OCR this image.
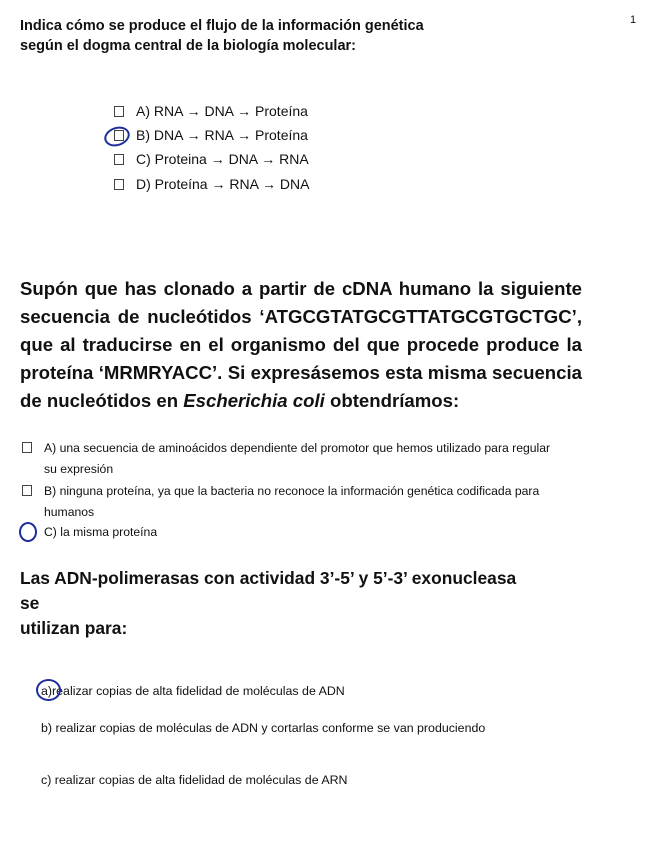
1
Indica cómo se produce el flujo de la información genética
según el dogma central de la biología molecular:
A) RNA → DNA → Proteína
B) DNA → RNA → Proteína
C) Proteina → DNA → RNA
D) Proteína → RNA → DNA
Supón que has clonado a partir de cDNA humano la siguiente secuencia de nucleótidos ‘ATGCGTATGCGTTATGCGTGCTGC’, que al traducirse en el organismo del que procede produce la proteína ‘MRMRYACC’. Si expresásemos esta misma secuencia de nucleótidos en Escherichia coli obtendríamos:
A) una secuencia de aminoácidos dependiente del promotor que hemos utilizado para regular su expresión
B) ninguna proteína, ya que la bacteria no reconoce la información genética codificada para humanos
C) la misma proteína
Las ADN-polimerasas con actividad 3’-5’ y 5’-3’ exonucleasa se
utilizan para:
a)realizar copias de alta fidelidad de moléculas de ADN
b) realizar copias de moléculas de ADN y cortarlas conforme se van produciendo
c) realizar copias de alta fidelidad de moléculas de ARN
